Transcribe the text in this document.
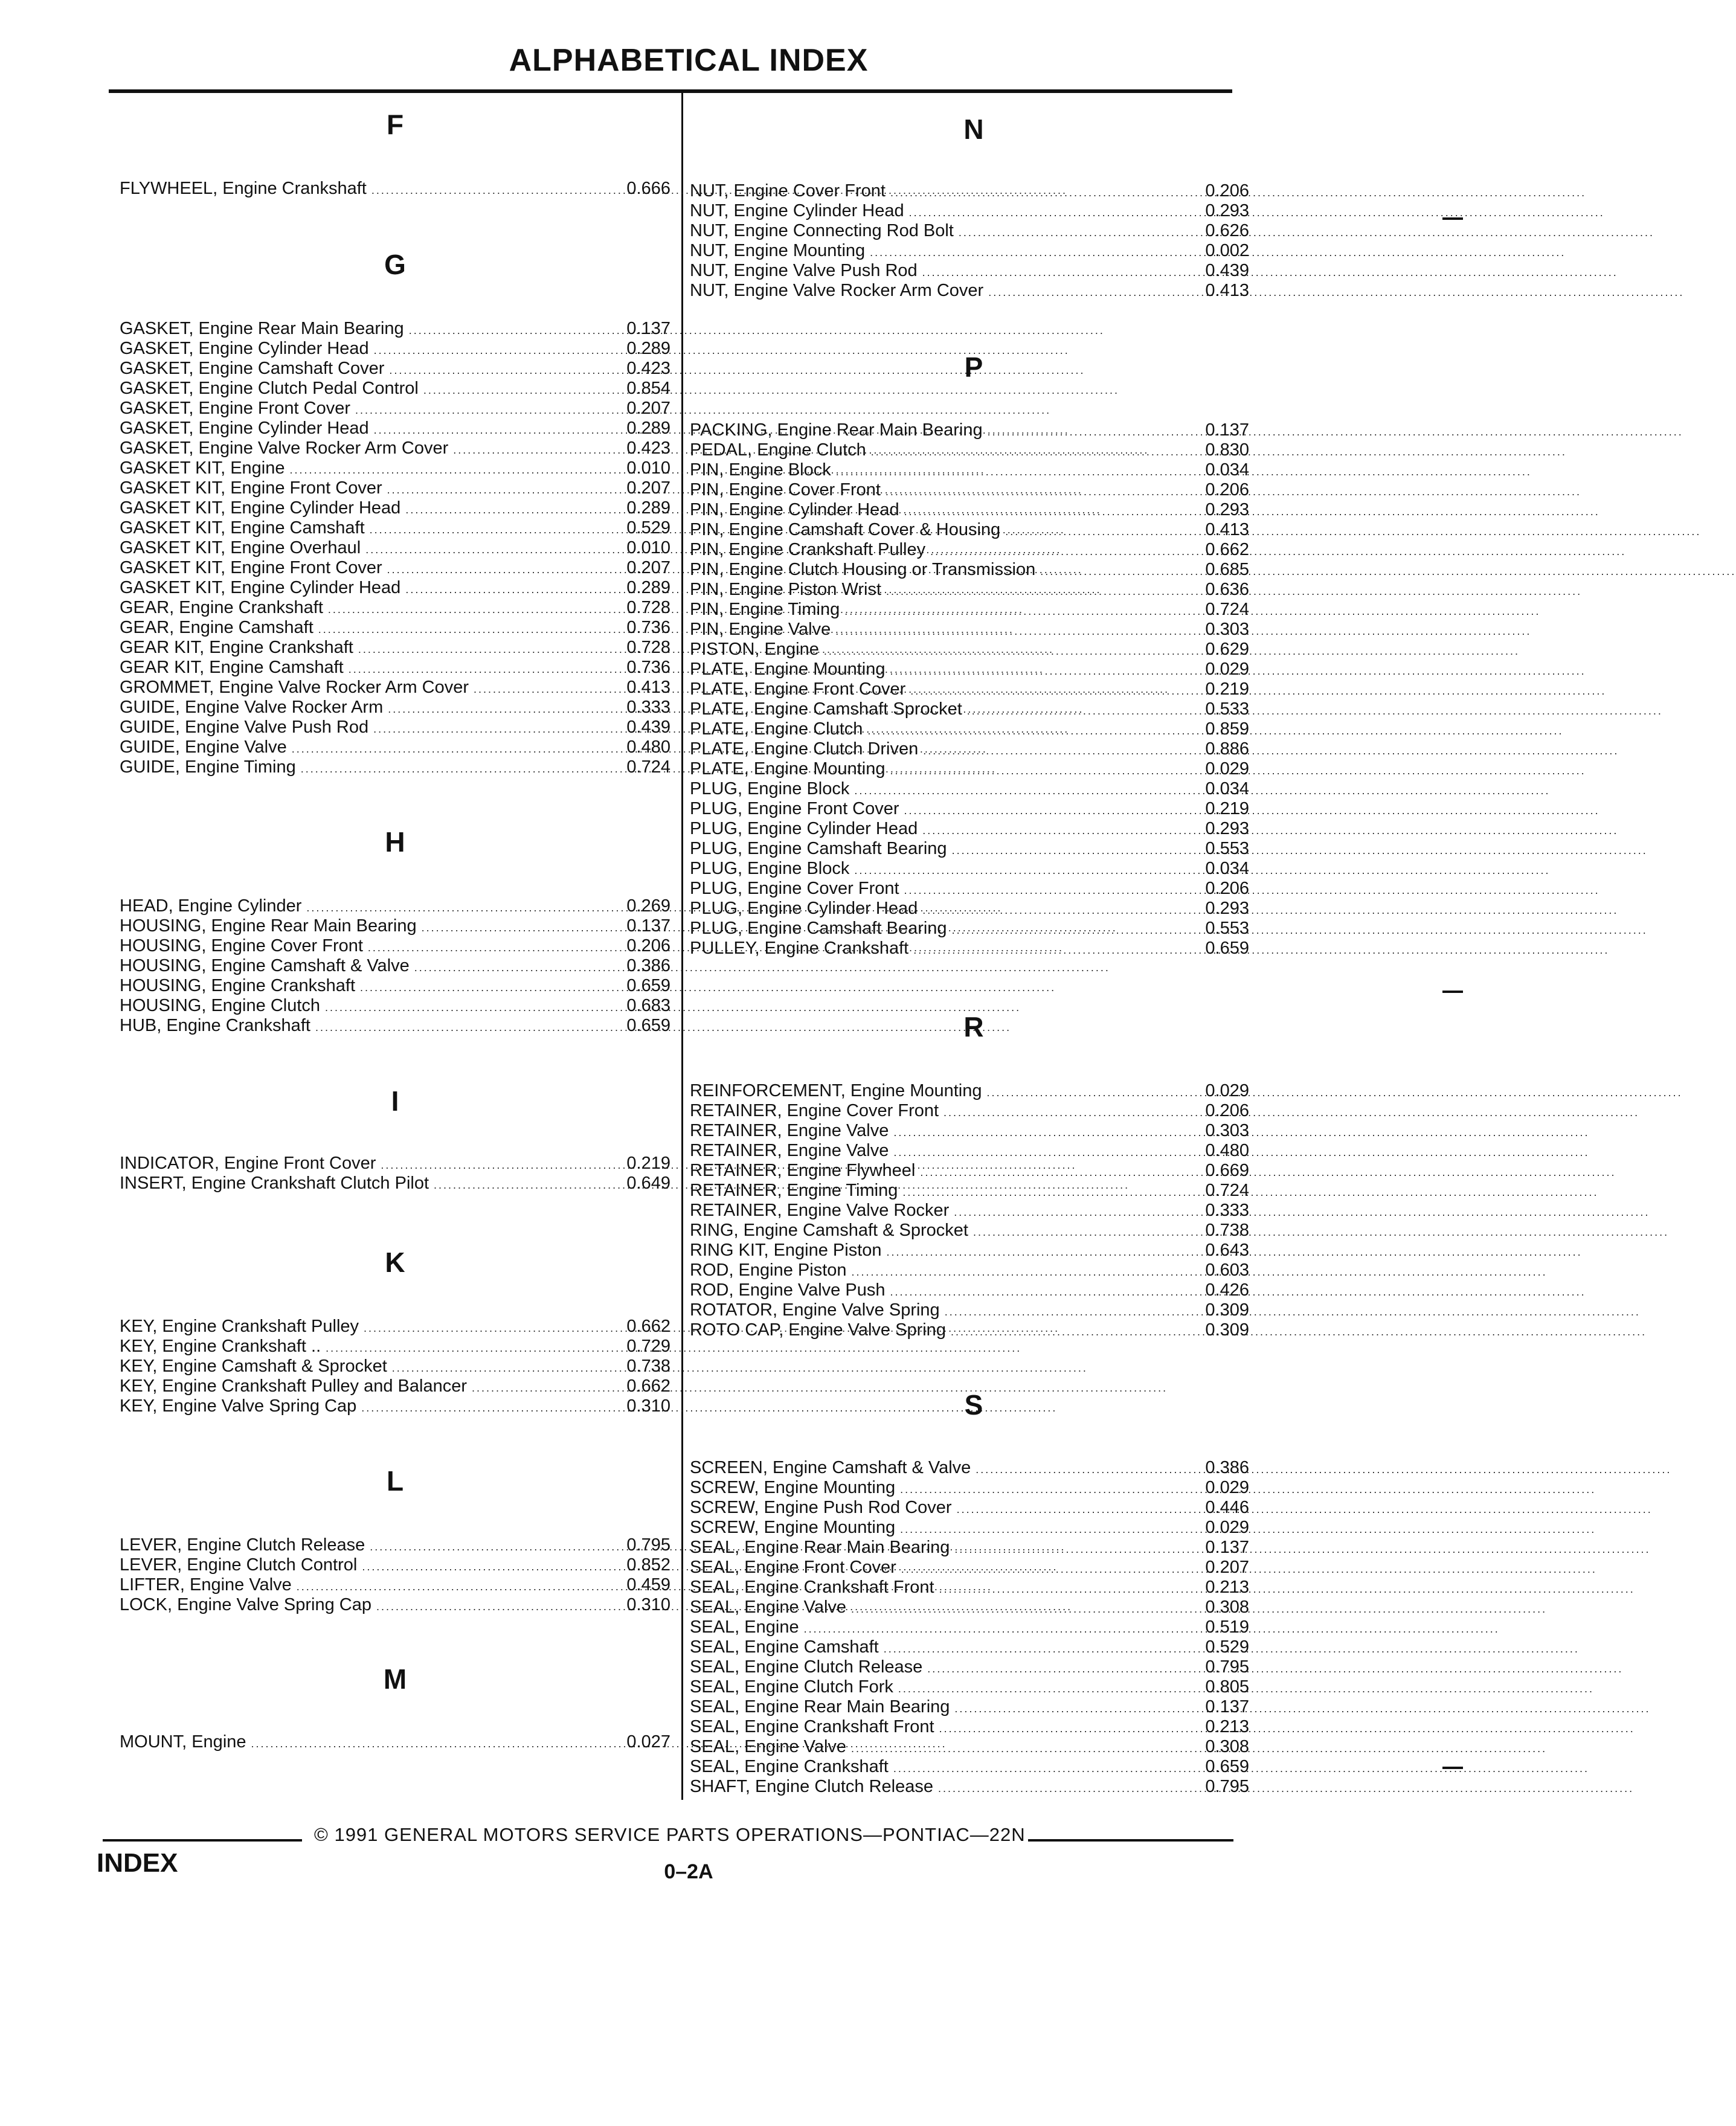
ALPHABETICAL INDEX
F
FLYWHEEL, Engine Crankshaft .....	0.666
G
GASKET, Engine Rear Main Bearing .....	0.137
GASKET, Engine Cylinder Head .....	0.289
GASKET, Engine Camshaft Cover .....	0.423
GASKET, Engine Clutch Pedal Control .....	0.854
GASKET, Engine Front Cover .....	0.207
GASKET, Engine Cylinder Head .....	0.289
GASKET, Engine Valve Rocker Arm Cover .....	0.423
GASKET KIT, Engine .....	0.010
GASKET KIT, Engine Front Cover .....	0.207
GASKET KIT, Engine Cylinder Head .....	0.289
GASKET KIT, Engine Camshaft .....	0.529
GASKET KIT, Engine Overhaul .....	0.010
GASKET KIT, Engine Front Cover .....	0.207
GASKET KIT, Engine Cylinder Head .....	0.289
GEAR, Engine Crankshaft .....	0.728
GEAR, Engine Camshaft .....	0.736
GEAR KIT, Engine Crankshaft .....	0.728
GEAR KIT, Engine Camshaft .....	0.736
GROMMET, Engine Valve Rocker Arm Cover .....	0.413
GUIDE, Engine Valve Rocker Arm .....	0.333
GUIDE, Engine Valve Push Rod .....	0.439
GUIDE, Engine Valve .....	0.480
GUIDE, Engine Timing .....	0.724
H
HEAD, Engine Cylinder .....	0.269
HOUSING, Engine Rear Main Bearing .....	0.137
HOUSING, Engine Cover Front .....	0.206
HOUSING, Engine Camshaft & Valve .....	0.386
HOUSING, Engine Crankshaft .....	0.659
HOUSING, Engine Clutch .....	0.683
HUB, Engine Crankshaft .....	0.659
I
INDICATOR, Engine Front Cover .....	0.219
INSERT, Engine Crankshaft Clutch Pilot .....	0.649
K
KEY, Engine Crankshaft Pulley .....	0.662
KEY, Engine Crankshaft .. .....	0.729
KEY, Engine Camshaft & Sprocket .....	0.738
KEY, Engine Crankshaft Pulley and Balancer .....	0.662
KEY, Engine Valve Spring Cap .....	0.310
L
LEVER, Engine Clutch Release .....	0.795
LEVER, Engine Clutch Control .....	0.852
LIFTER, Engine Valve .....	0.459
LOCK, Engine Valve Spring Cap .....	0.310
M
MOUNT, Engine .....	0.027
N
NUT, Engine Cover Front .....	0.206
NUT, Engine Cylinder Head .....	0.293
NUT, Engine Connecting Rod Bolt .....	0.626
NUT, Engine Mounting .....	0.002
NUT, Engine Valve Push Rod .....	0.439
NUT, Engine Valve Rocker Arm Cover .....	0.413
P
PACKING, Engine Rear Main Bearing .....	0.137
PEDAL, Engine Clutch .....	0.830
PIN, Engine Block .....	0.034
PIN, Engine Cover Front .....	0.206
PIN, Engine Cylinder Head .....	0.293
PIN, Engine Camshaft Cover & Housing .....	0.413
PIN, Engine Crankshaft Pulley .....	0.662
PIN, Engine Clutch Housing or Transmission .....	0.685
PIN, Engine Piston Wrist .....	0.636
PIN, Engine Timing .....	0.724
PIN, Engine Valve .....	0.303
PISTON, Engine .....	0.629
PLATE, Engine Mounting .....	0.029
PLATE, Engine Front Cover .....	0.219
PLATE, Engine Camshaft Sprocket .....	0.533
PLATE, Engine Clutch .....	0.859
PLATE, Engine Clutch Driven .....	0.886
PLATE, Engine Mounting .....	0.029
PLUG, Engine Block .....	0.034
PLUG, Engine Front Cover .....	0.219
PLUG, Engine Cylinder Head .....	0.293
PLUG, Engine Camshaft Bearing .....	0.553
PLUG, Engine Block .....	0.034
PLUG, Engine Cover Front .....	0.206
PLUG, Engine Cylinder Head .....	0.293
PLUG, Engine Camshaft Bearing .....	0.553
PULLEY, Engine Crankshaft .....	0.659
R
REINFORCEMENT, Engine Mounting .....	0.029
RETAINER, Engine Cover Front .....	0.206
RETAINER, Engine Valve .....	0.303
RETAINER, Engine Valve .....	0.480
RETAINER, Engine Flywheel .....	0.669
RETAINER, Engine Timing .....	0.724
RETAINER, Engine Valve Rocker .....	0.333
RING, Engine Camshaft & Sprocket .....	0.738
RING KIT, Engine Piston .....	0.643
ROD, Engine Piston .....	0.603
ROD, Engine Valve Push .....	0.426
ROTATOR, Engine Valve Spring .....	0.309
ROTO CAP, Engine Valve Spring .....	0.309
S
SCREEN, Engine Camshaft & Valve .....	0.386
SCREW, Engine Mounting .....	0.029
SCREW, Engine Push Rod Cover .....	0.446
SCREW, Engine Mounting .....	0.029
SEAL, Engine Rear Main Bearing .....	0.137
SEAL, Engine Front Cover .....	0.207
SEAL, Engine Crankshaft Front .....	0.213
SEAL, Engine Valve .....	0.308
SEAL, Engine .....	0.519
SEAL, Engine Camshaft .....	0.529
SEAL, Engine Clutch Release .....	0.795
SEAL, Engine Clutch Fork .....	0.805
SEAL, Engine Rear Main Bearing .....	0.137
SEAL, Engine Crankshaft Front .....	0.213
SEAL, Engine Valve .....	0.308
SEAL, Engine Crankshaft .....	0.659
SHAFT, Engine Clutch Release .....	0.795
© 1991 GENERAL MOTORS SERVICE PARTS OPERATIONS—PONTIAC—22N
INDEX	0–2A
